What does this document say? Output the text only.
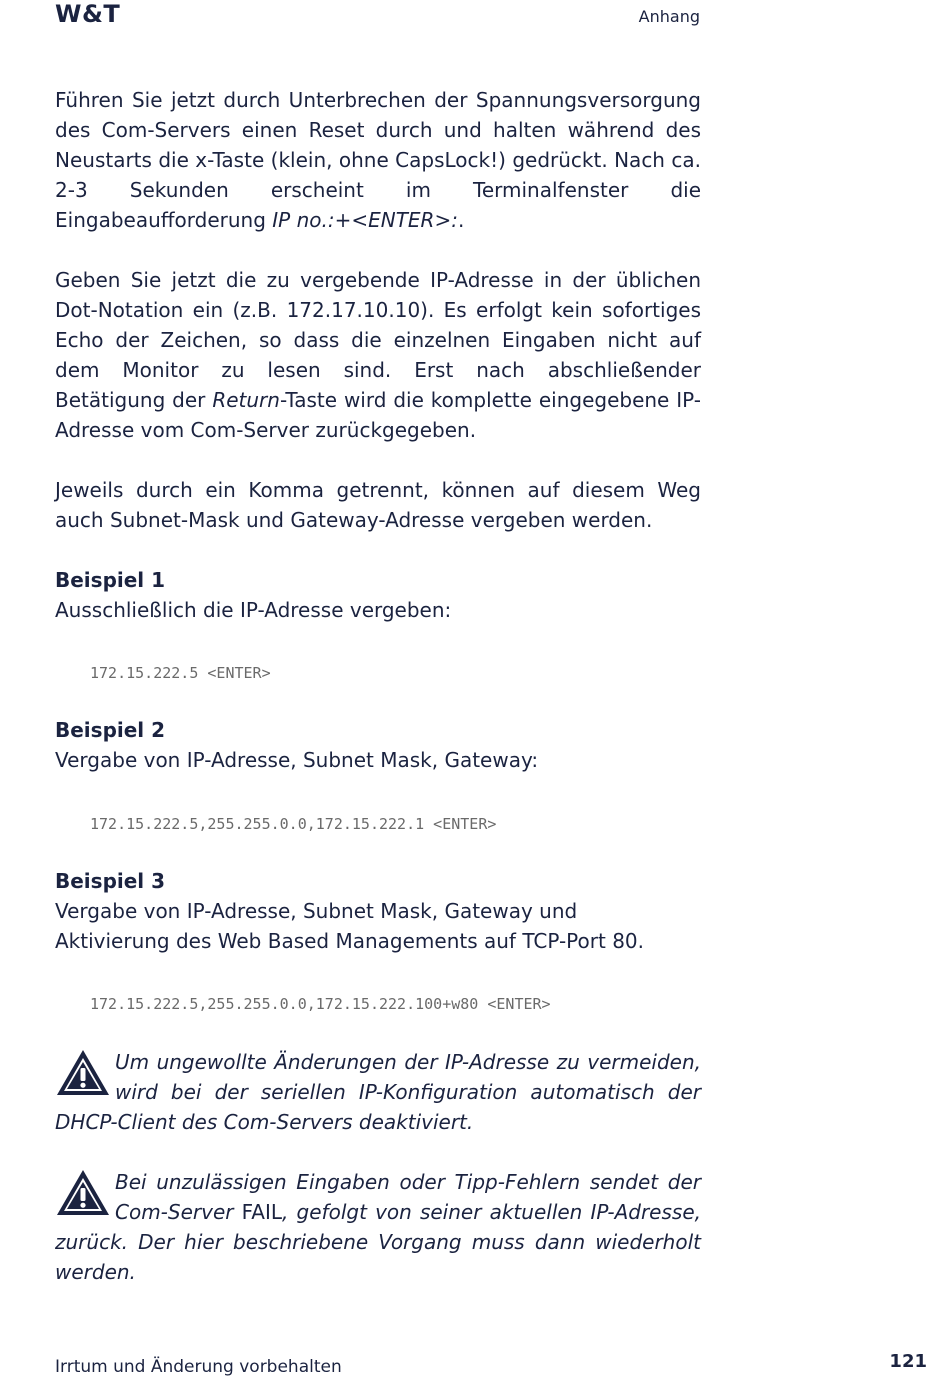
W&T	Anhang

Führen Sie jetzt durch Unterbrechen der Spannungsversorgung des Com-Servers einen Reset durch und halten während des Neustarts die x-Taste (klein, ohne CapsLock!) gedrückt. Nach ca. 2-3 Sekunden erscheint im Terminalfenster die Eingabeaufforderung IP no.:+<ENTER>:.

Geben Sie jetzt die zu vergebende IP-Adresse in der üblichen Dot-Notation ein (z.B. 172.17.10.10). Es erfolgt kein sofortiges Echo der Zeichen, so dass die einzelnen Eingaben nicht auf dem Monitor zu lesen sind. Erst nach abschließender Betätigung der Return-Taste wird die komplette eingegebene IP-Adresse vom Com-Server zurückgegeben.

Jeweils durch ein Komma getrennt, können auf diesem Weg auch Subnet-Mask und Gateway-Adresse vergeben werden.

Beispiel 1
Ausschließlich die IP-Adresse vergeben:
172.15.222.5 <ENTER>
Beispiel 2
Vergabe von IP-Adresse, Subnet Mask, Gateway:
172.15.222.5,255.255.0.0,172.15.222.1 <ENTER>
Beispiel 3
Vergabe von IP-Adresse, Subnet Mask, Gateway und Aktivierung des Web Based Managements auf TCP-Port 80.
172.15.222.5,255.255.0.0,172.15.222.100+w80 <ENTER>

Um ungewollte Änderungen der IP-Adresse zu vermeiden, wird bei der seriellen IP-Konfiguration automatisch der DHCP-Client des Com-Servers deaktiviert.

Bei unzulässigen Eingaben oder Tipp-Fehlern sendet der Com-Server FAIL, gefolgt von seiner aktuellen IP-Adresse, zurück. Der hier beschriebene Vorgang muss dann wiederholt werden.

Irrtum und Änderung vorbehalten	121
